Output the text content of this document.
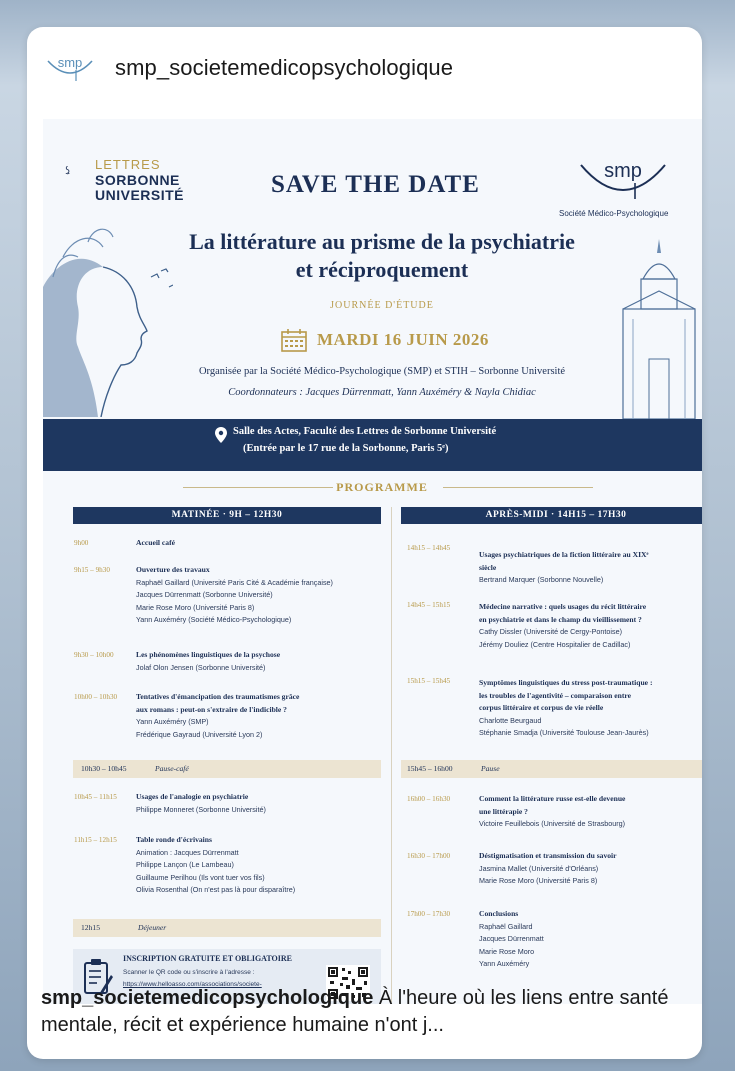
smp smp_societemedicopsychologique
LETTRES
SORBONNE
UNIVERSITÉ	SAVE THE DATE	smp
Société Médico-Psychologique
La littérature au prisme de la psychiatrie
et réciproquement
JOURNÉE D'ÉTUDE
MARDI 16 JUIN 2026
Organisée par la Société Médico-Psychologique (SMP) et STIH – Sorbonne Université
Coordonnateurs : Jacques Dürrenmatt, Yann Auxéméry & Nayla Chidiac
Salle des Actes, Faculté des Lettres de Sorbonne Université
(Entrée par le 17 rue de la Sorbonne, Paris 5ᵉ)
PROGRAMME
MATINÉE · 9H – 12H30	APRÈS-MIDI · 14H15 – 17H30
9h00	Accueil café
9h15 – 9h30	Ouverture des travaux
Raphaël Gaillard (Université Paris Cité & Académie française)
Jacques Dürrenmatt (Sorbonne Université)
Marie Rose Moro (Université Paris 8)
Yann Auxéméry (Société Médico-Psychologique)
9h30 – 10h00	Les phénomènes linguistiques de la psychose
Jolaf Olon Jensen (Sorbonne Université)
10h00 – 10h30 Tentatives d'émancipation des traumatismes grâce
aux romans : peut-on s'extraire de l'indicible ?
Yann Auxéméry (SMP)
Frédérique Gayraud (Université Lyon 2)
10h30 – 10h45	Pause-café
10h45 – 11h15	Usages de l'analogie en psychiatrie
Philippe Monneret (Sorbonne Université)
11h15 – 12h15	Table ronde d'écrivains
Animation : Jacques Dürrenmatt
Philippe Lançon (Le Lambeau)
Guillaume Perilhou (Ils vont tuer vos fils)
Olivia Rosenthal (On n'est pas là pour disparaître)
12h15	Déjeuner
INSCRIPTION GRATUITE ET OBLIGATOIRE
Scanner le QR code ou s'inscrire à l'adresse :
https://www.helloasso.com/associations/societe-
14h15 – 14h45
Usages psychiatriques de la fiction littéraire au XIXᵉ
siècle
Bertrand Marquer (Sorbonne Nouvelle)
14h45 – 15h15	Médecine narrative : quels usages du récit littéraire
en psychiatrie et dans le champ du vieillissement ?
Cathy Dissler (Université de Cergy-Pontoise)
Jérémy Douliez (Centre Hospitalier de Cadillac)
15h15 – 15h45	Symptômes linguistiques du stress post-traumatique :
les troubles de l'agentivité – comparaison entre
corpus littéraire et corpus de vie réelle
Charlotte Beurgaud
Stéphanie Smadja (Université Toulouse Jean-Jaurès)
15h45 – 16h00	Pause
16h00 – 16h30	Comment la littérature russe est-elle devenue
une littérapie ?
Victoire Feuillebois (Université de Strasbourg)
16h30 – 17h00	Déstigmatisation et transmission du savoir
Jasmina Mallet (Université d'Orléans)
Marie Rose Moro (Université Paris 8)
17h00 – 17h30	Conclusions
Raphaël Gaillard
Jacques Dürrenmatt
Marie Rose Moro
Yann Auxéméry
smp_societemedicopsychologique À l'heure où les liens entre santé mentale, récit et expérience humaine n'ont j...
